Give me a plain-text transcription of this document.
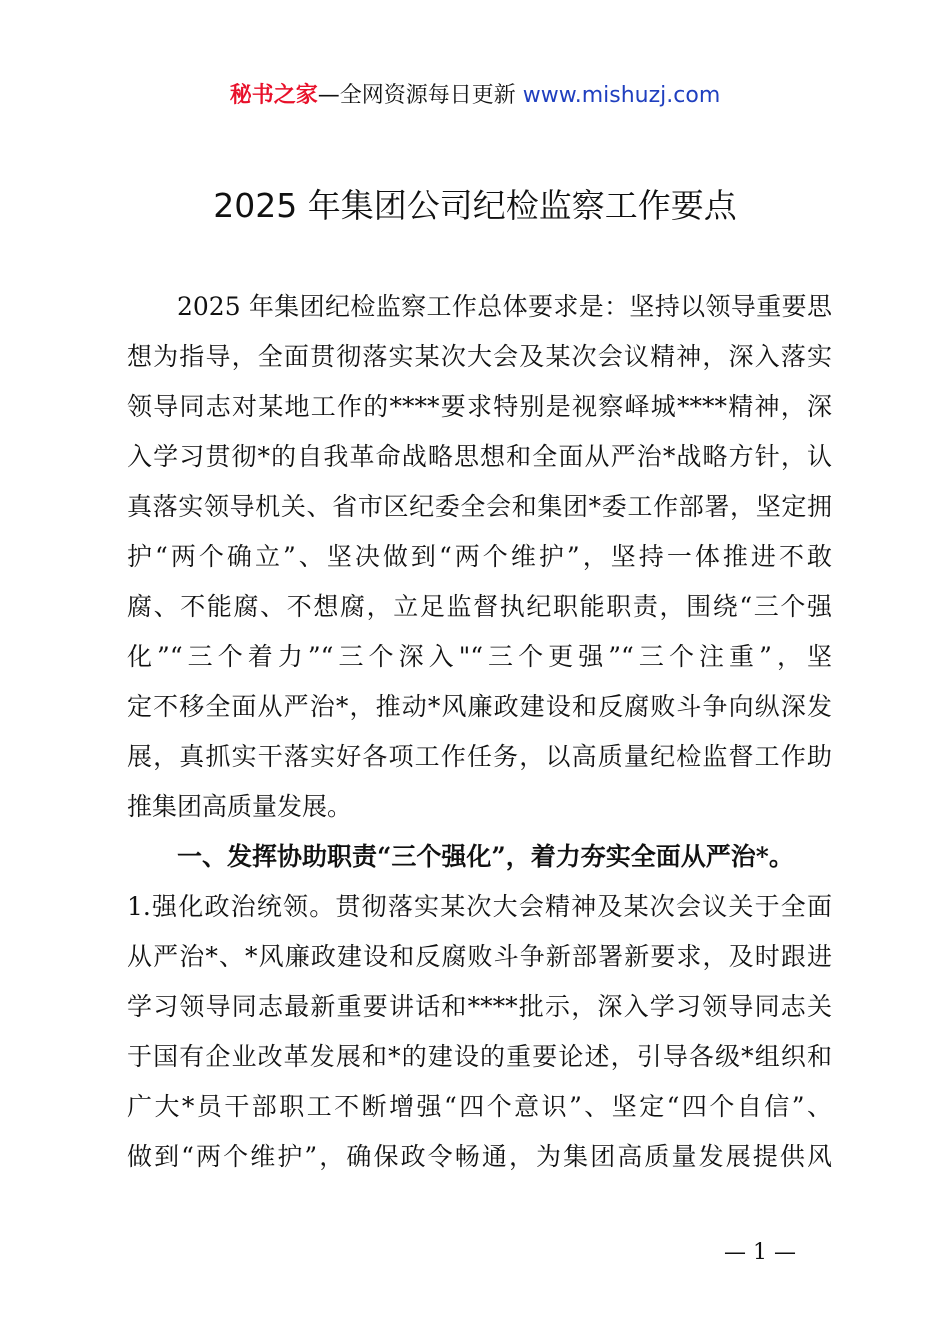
秘书之家—全网资源每日更新 www.mishuzj.com
2025 年集团公司纪检监察工作要点
2025 年集团纪检监察工作总体要求是：坚持以领导重要思
想为指导，全面贯彻落实某次大会及某次会议精神，深入落实
领导同志对某地工作的****要求特别是视察峄城****精神，深
入学习贯彻*的自我革命战略思想和全面从严治*战略方针，认
真落实领导机关、省市区纪委全会和集团*委工作部署，坚定拥
护“两个确立”、坚决做到“两个维护”，坚持一体推进不敢
腐、不能腐、不想腐，立足监督执纪职能职责，围绕“三个强
化”“三个着力”“三个深入"“三个更强”“三个注重”，坚
定不移全面从严治*，推动*风廉政建设和反腐败斗争向纵深发
展，真抓实干落实好各项工作任务，以高质量纪检监督工作助
推集团高质量发展。
一、发挥协助职责“三个强化”，着力夯实全面从严治*。
1.强化政治统领。贯彻落实某次大会精神及某次会议关于全面
从严治*、*风廉政建设和反腐败斗争新部署新要求，及时跟进
学习领导同志最新重要讲话和****批示，深入学习领导同志关
于国有企业改革发展和*的建设的重要论述，引导各级*组织和
广大*员干部职工不断增强“四个意识”、坚定“四个自信”、
做到“两个维护”，确保政令畅通，为集团高质量发展提供风
— 1 —
